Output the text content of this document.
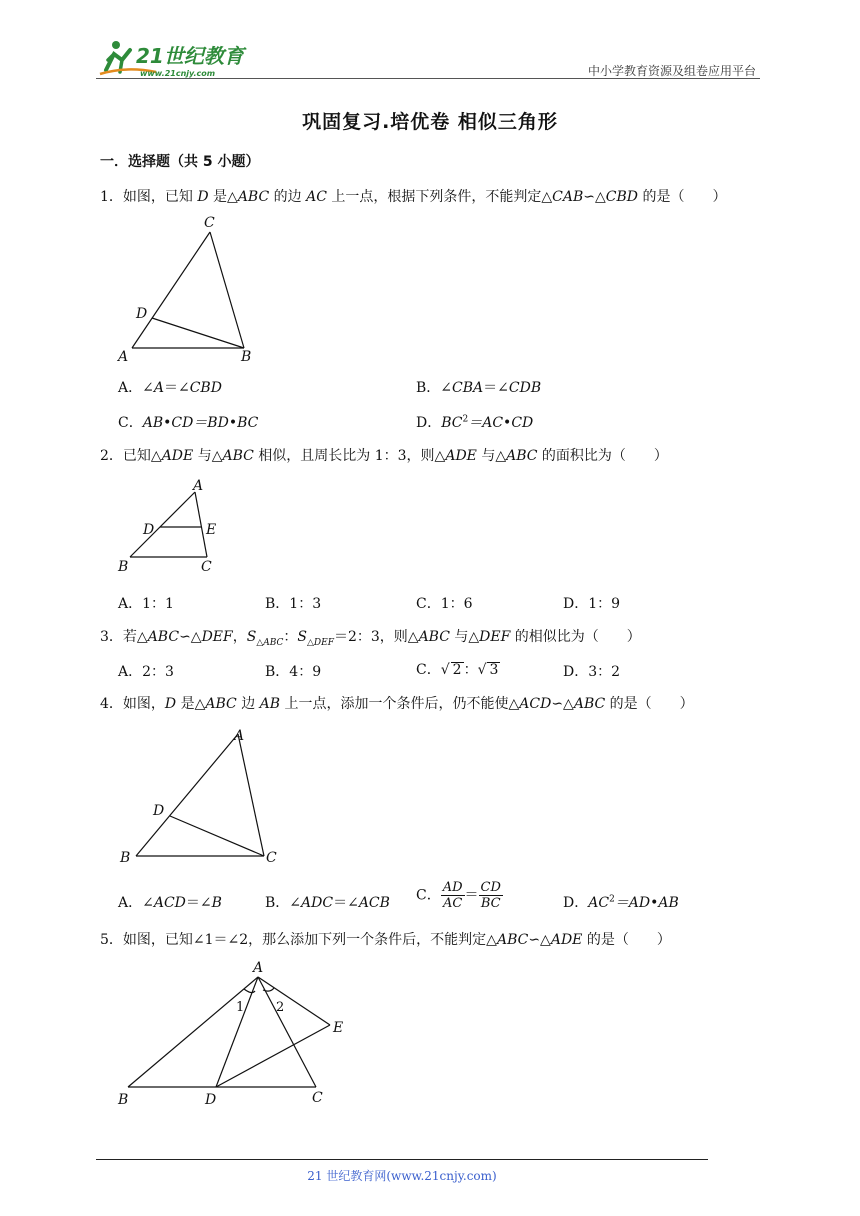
21世纪教育
www.21cnjy.com	中小学教育资源及组卷应用平台
巩固复习.培优卷 相似三角形
一．选择题（共 5 小题）
1．如图，已知 D 是△ABC 的边 AC 上一点，根据下列条件，不能判定△CAB∽△CBD 的是（　　）
C
D
A	B
A．∠A＝∠CBD	B．∠CBA＝∠CDB
C．AB•CD＝BD•BC	D．$BC^2=AC•CD$
2．已知△ADE 与△ABC 相似，且周长比为 1：3，则△ADE 与△ABC 的面积比为（　　）
A
D	E
B	C
A．1：1	B．1：3	C．1：6	D．1：9
3．若△ABC∽△DEF，$S_{\triangle ABC}$：$S_{\triangle DEF}=2$：3，则△ABC 与△DEF 的相似比为（　　）
A．2：3	B．4：9	C．√ 2 ：√ 3	D．3：2
4．如图，D 是△ABC 边 AB 上一点，添加一个条件后，仍不能使△ACD∽△ABC 的是（　　）
A
D
B	C
A．∠ACD＝∠B	B．∠ADC＝∠ACB C． $\frac{AD}{AC} = \frac{CD}{BC}$	D．$AC^2=AD•AB$
5．如图，已知∠1＝∠2，那么添加下列一个条件后，不能判定△ABC∽△ADE 的是（　　）
A
1 2
E
B	D	C
21 世纪教育网(www.21cnjy.com)
